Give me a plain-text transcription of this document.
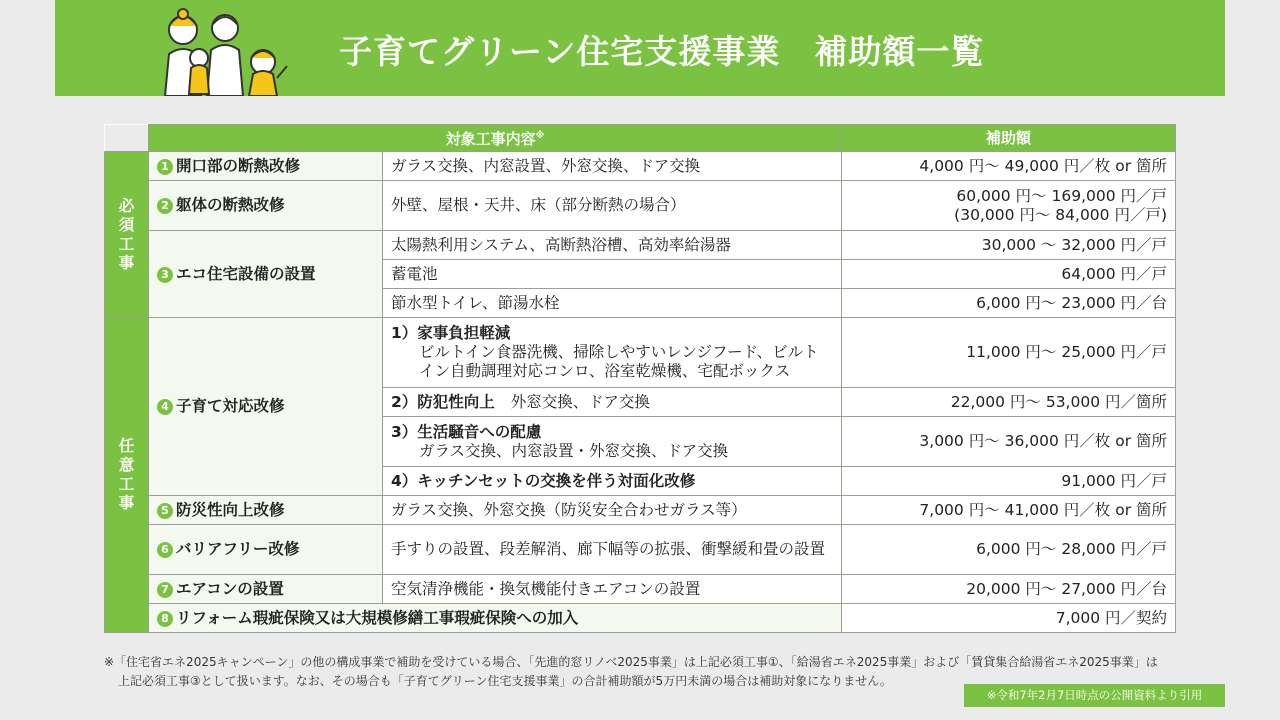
子育てグリーン住宅支援事業　補助額一覧
	対象工事内容※		補助額

必須工事	1 開口部の断熱改修	ガラス交換、内窓設置、外窓交換、ドア交換	4,000 円～ 49,000 円／枚 or 箇所
	2 躯体の断熱改修	外壁、屋根・天井、床（部分断熱の場合）	60,000 円～ 169,000 円／戸
(30,000 円～ 84,000 円／戸)

	3 エコ住宅設備の設置	太陽熱利用システム、高断熱浴槽、高効率給湯器	30,000 ～ 32,000 円／戸
		蓄電池	64,000 円／戸
		節水型トイレ、節湯水栓	6,000 円～ 23,000 円／台

任意工事	4 子育て対応改修	1）家事負担軽減
ビルトイン食器洗機、掃除しやすいレンジフード、ビルトイン自動調理対応コンロ、浴室乾燥機、宅配ボックス	11,000 円～ 25,000 円／戸
		2）防犯性向上 外窓交換、ドア交換	22,000 円～ 53,000 円／箇所

		3）生活騒音への配慮
ガラス交換、内窓設置・外窓交換、ドア交換	3,000 円～ 36,000 円／枚 or 箇所
		4）キッチンセットの交換を伴う対面化改修	91,000 円／戸
	5 防災性向上改修	ガラス交換、外窓交換（防災安全合わせガラス等）	7,000 円～ 41,000 円／枚 or 箇所
	6 バリアフリー改修	手すりの設置、段差解消、廊下幅等の拡張、衝撃緩和畳の設置	6,000 円～ 28,000 円／戸
	7 エアコンの設置	空気清浄機能・換気機能付きエアコンの設置	20,000 円～ 27,000 円／台
	8 リフォーム瑕疵保険又は大規模修繕工事瑕疵保険への加入		7,000 円／契約
※「住宅省エネ2025キャンペーン」の他の構成事業で補助を受けている場合、「先進的窓リノベ2025事業」は上記必須工事①、「給湯省エネ2025事業」および「賃貸集合給湯省エネ2025事業」は
上記必須工事③として扱います。なお、その場合も「子育てグリーン住宅支援事業」の合計補助額が5万円未満の場合は補助対象になりません。
※令和7年2月7日時点の公開資料より引用
